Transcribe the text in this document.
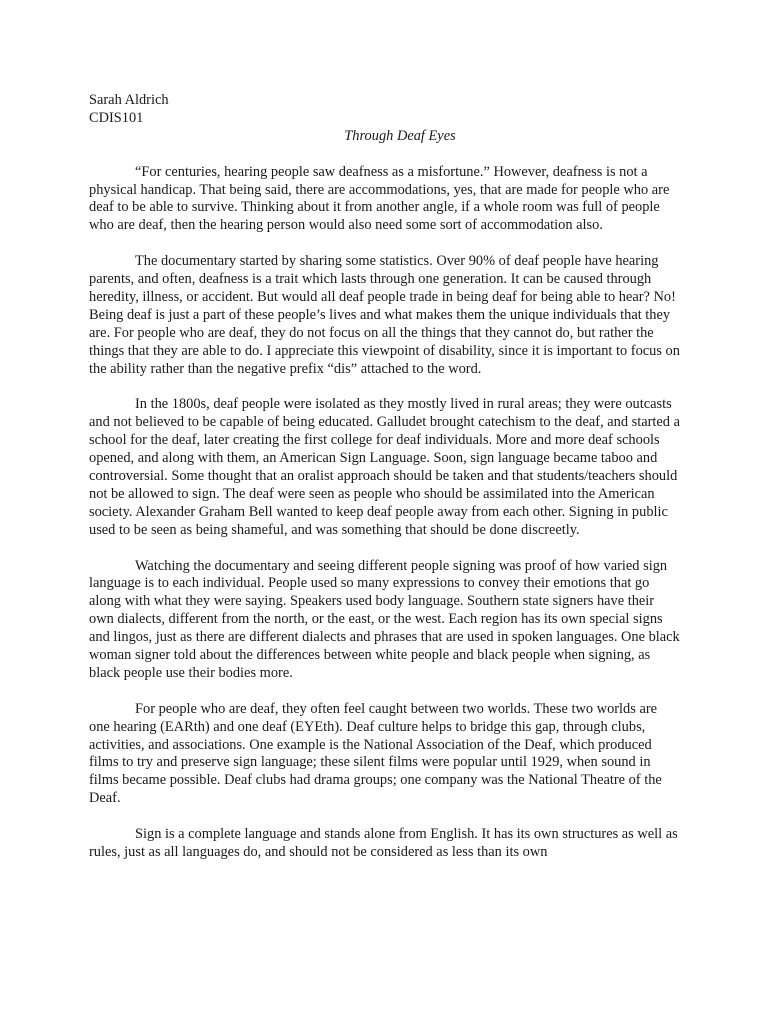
Sarah Aldrich

CDIS101

Through Deaf Eyes

“For centuries, hearing people saw deafness as a misfortune.” However, deafness is not a physical handicap. That being said, there are accommodations, yes, that are made for people who are deaf to be able to survive. Thinking about it from another angle, if a whole room was full of people who are deaf, then the hearing person would also need some sort of accommodation also.

The documentary started by sharing some statistics. Over 90% of deaf people have hearing parents, and often, deafness is a trait which lasts through one generation. It can be caused through heredity, illness, or accident. But would all deaf people trade in being deaf for being able to hear? No! Being deaf is just a part of these people’s lives and what makes them the unique individuals that they are. For people who are deaf, they do not focus on all the things that they cannot do, but rather the things that they are able to do. I appreciate this viewpoint of disability, since it is important to focus on the ability rather than the negative prefix “dis” attached to the word.

In the 1800s, deaf people were isolated as they mostly lived in rural areas; they were outcasts and not believed to be capable of being educated. Galludet brought catechism to the deaf, and started a school for the deaf, later creating the first college for deaf individuals. More and more deaf schools opened, and along with them, an American Sign Language. Soon, sign language became taboo and controversial. Some thought that an oralist approach should be taken and that students/teachers should not be allowed to sign. The deaf were seen as people who should be assimilated into the American society. Alexander Graham Bell wanted to keep deaf people away from each other. Signing in public used to be seen as being shameful, and was something that should be done discreetly.

Watching the documentary and seeing different people signing was proof of how varied sign language is to each individual. People used so many expressions to convey their emotions that go along with what they were saying. Speakers used body language. Southern state signers have their own dialects, different from the north, or the east, or the west. Each region has its own special signs and lingos, just as there are different dialects and phrases that are used in spoken languages. One black woman signer told about the differences between white people and black people when signing, as black people use their bodies more.

For people who are deaf, they often feel caught between two worlds. These two worlds are one hearing (EARth) and one deaf (EYEth). Deaf culture helps to bridge this gap, through clubs, activities, and associations. One example is the National Association of the Deaf, which produced films to try and preserve sign language; these silent films were popular until 1929, when sound in films became possible. Deaf clubs had drama groups; one company was the National Theatre of the Deaf.

Sign is a complete language and stands alone from English. It has its own structures as well as rules, just as all languages do, and should not be considered as less than its own
